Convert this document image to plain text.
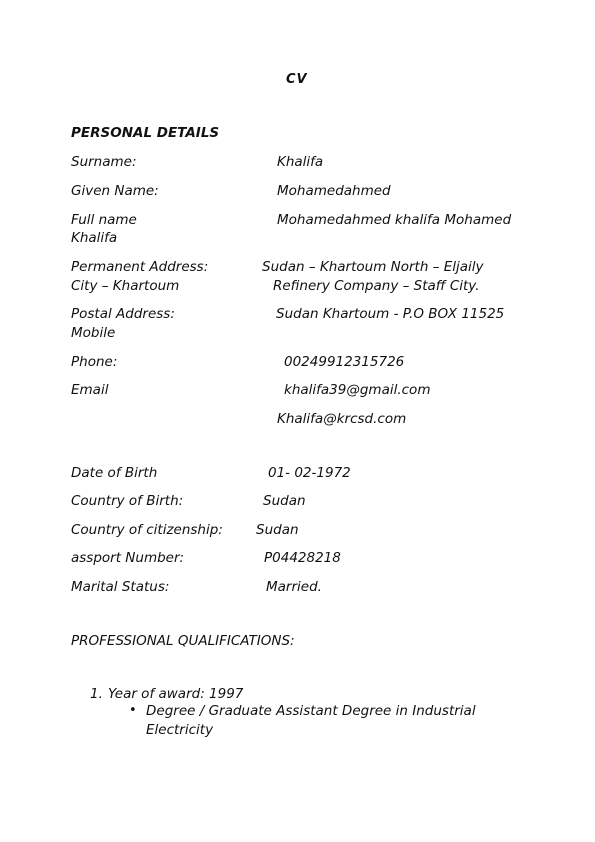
CV
PERSONAL DETAILS
Surname:	Khalifa
Given Name:	Mohamedahmed
Full name	Mohamedahmed khalifa Mohamed
Khalifa
Permanent Address:	Sudan – Khartoum North – Eljaily
City – Khartoum	Refinery Company – Staff City.
Postal Address:	Sudan Khartoum - P.O BOX 11525
Mobile
Phone:	00249912315726
Email	khalifa39@gmail.com
Khalifa@krcsd.com
Date of Birth	01- 02-1972
Country of Birth:	Sudan
Country of citizenship: Sudan
assport Number:	P04428218
Marital Status:	Married.
PROFESSIONAL QUALIFICATIONS:
1. Year of award: 1997
• Degree / Graduate Assistant Degree in Industrial
Electricity
